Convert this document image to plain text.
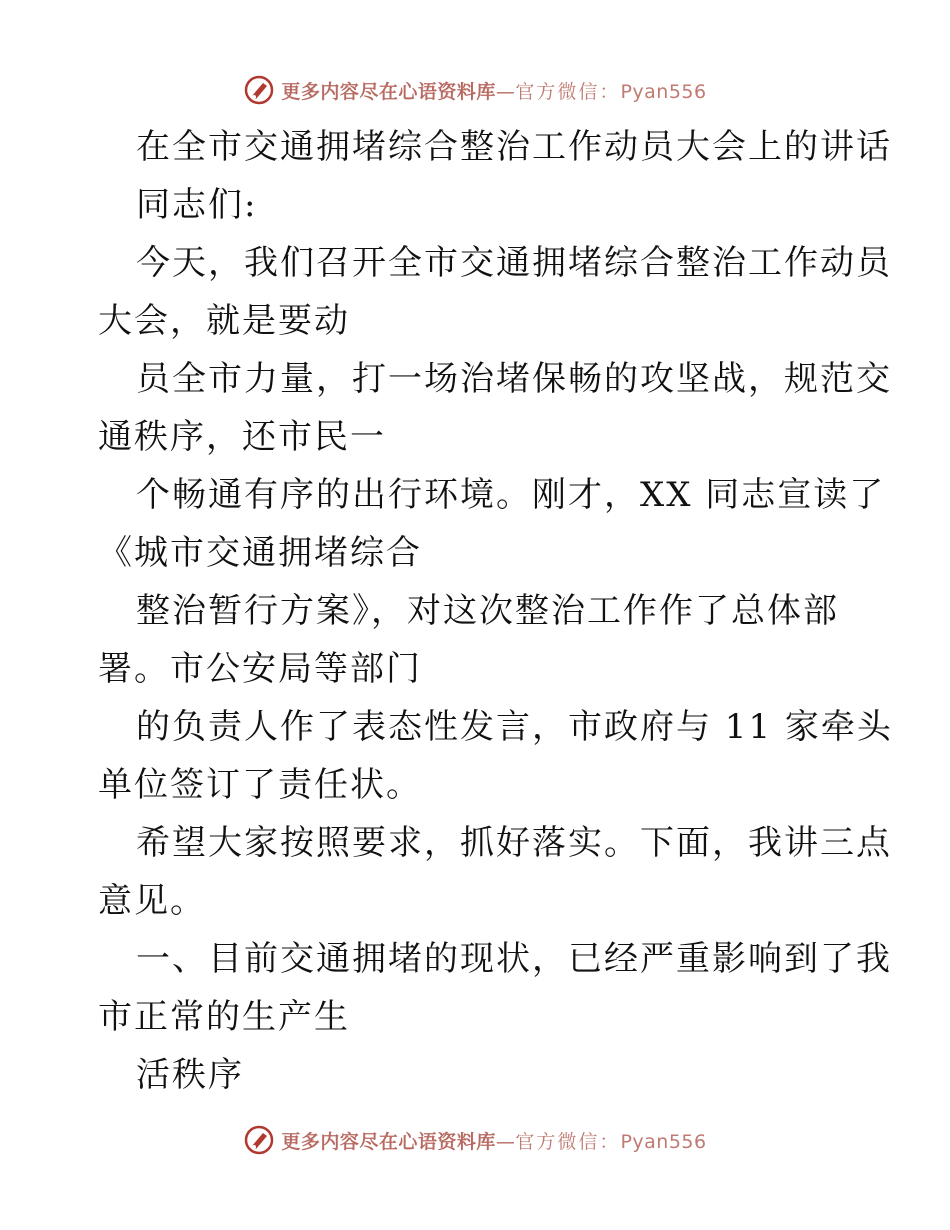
更多内容尽在心语资料库—官方微信：Pyan556
在全市交通拥堵综合整治工作动员大会上的讲话
同志们:
今天，我们召开全市交通拥堵综合整治工作动员
大会，就是要动
员全市力量，打一场治堵保畅的攻坚战，规范交
通秩序，还市民一
个畅通有序的出行环境。刚才，XX 同志宣读了
《城市交通拥堵综合
整治暂行方案》，对这次整治工作作了总体部
署。市公安局等部门
的负责人作了表态性发言，市政府与 11 家牵头
单位签订了责任状。
希望大家按照要求，抓好落实。下面，我讲三点
意见。
一、目前交通拥堵的现状，已经严重影响到了我
市正常的生产生
活秩序
更多内容尽在心语资料库—官方微信：Pyan556
